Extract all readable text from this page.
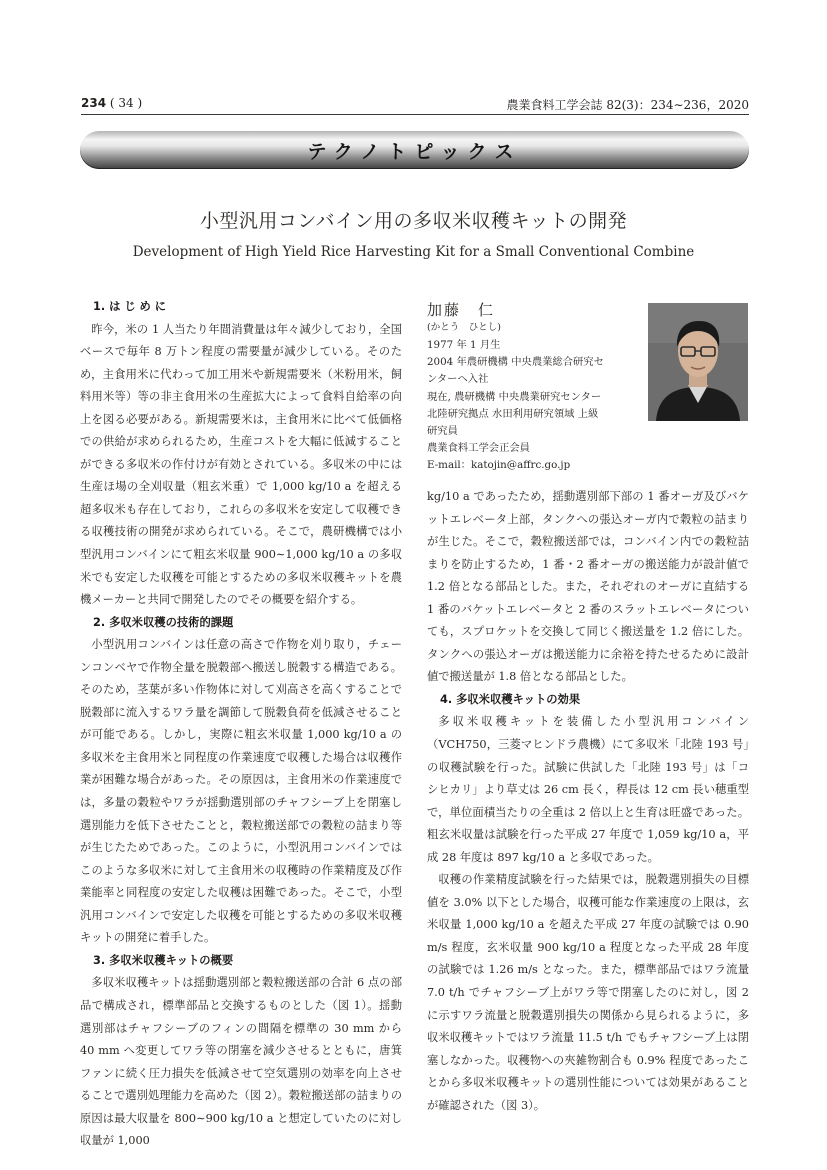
234 ( 34 )	農業食料工学会誌 82(3)：234∼236，2020
テクノトピックス
小型汎用コンバイン用の多収米収穫キットの開発
Development of High Yield Rice Harvesting Kit for a Small Conventional Combine
1. は じ め に

昨今，米の 1 人当たり年間消費量は年々減少しており，全国ベースで毎年 8 万トン程度の需要量が減少している。そのため，主食用米に代わって加工用米や新規需要米（米粉用米，飼料用米等）等の非主食用米の生産拡大によって食料自給率の向上を図る必要がある。新規需要米は，主食用米に比べて低価格での供給が求められるため，生産コストを大幅に低減することができる多収米の作付けが有効とされている。多収米の中には生産ほ場の全刈収量（粗玄米重）で 1,000 kg/10 a を超える超多収米も存在しており，これらの多収米を安定して収穫できる収穫技術の開発が求められている。そこで，農研機構では小型汎用コンバインにて粗玄米収量 900∼1,000 kg/10 a の多収米でも安定した収穫を可能とするための多収米収穫キットを農機メーカーと共同で開発したのでその概要を紹介する。

2. 多収米収穫の技術的課題

小型汎用コンバインは任意の高さで作物を刈り取り，チェーンコンベヤで作物全量を脱穀部へ搬送し脱穀する構造である。そのため，茎葉が多い作物体に対して刈高さを高くすることで脱穀部に流入するワラ量を調節して脱穀負荷を低減させることが可能である。しかし，実際に粗玄米収量 1,000 kg/10 a の多収米を主食用米と同程度の作業速度で収穫した場合は収穫作業が困難な場合があった。その原因は，主食用米の作業速度では，多量の穀粒やワラが揺動選別部のチャフシーブ上を閉塞し選別能力を低下させたことと，穀粒搬送部での穀粒の詰まり等が生じたためであった。このように，小型汎用コンバインではこのような多収米に対して主食用米の収穫時の作業精度及び作業能率と同程度の安定した収穫は困難であった。そこで，小型汎用コンバインで安定した収穫を可能とするための多収米収穫キットの開発に着手した。

3. 多収米収穫キットの概要

多収米収穫キットは揺動選別部と穀粒搬送部の合計 6 点の部品で構成され，標準部品と交換するものとした（図 1）。揺動選別部はチャフシーブのフィンの間隔を標準の 30 mm から 40 mm へ変更してワラ等の閉塞を減少させるとともに，唐箕ファンに続く圧力損失を低減させて空気選別の効率を向上させることで選別処理能力を高めた（図 2）。穀粒搬送部の詰まりの原因は最大収量を 800∼900 kg/10 a と想定していたのに対し収量が 1,000

加藤　仁
(かとう　ひとし)
1977 年 1 月生
2004 年農研機構 中央農業総合研究セ
ンターへ入社
現在, 農研機構 中央農業研究センター
北陸研究拠点 水田利用研究領域 上級
研究員
農業食料工学会正会員
E-mail：katojin@affrc.go.jp

kg/10 a であったため，揺動選別部下部の 1 番オーガ及びバケットエレベータ上部，タンクへの張込オーガ内で穀粒の詰まりが生じた。そこで，穀粒搬送部では，コンバイン内での穀粒詰まりを防止するため，1 番・2 番オーガの搬送能力が設計値で 1.2 倍となる部品とした。また，それぞれのオーガに直結する 1 番のバケットエレベータと 2 番のスラットエレベータについても，スプロケットを交換して同じく搬送量を 1.2 倍にした。タンクへの張込オーガは搬送能力に余裕を持たせるために設計値で搬送量が 1.8 倍となる部品とした。

4. 多収米収穫キットの効果

多収米収穫キットを装備した小型汎用コンバイン（VCH750，三菱マヒンドラ農機）にて多収米「北陸 193 号」の収穫試験を行った。試験に供試した「北陸 193 号」は「コシヒカリ」より草丈は 26 cm 長く，稈長は 12 cm 長い穂重型で，単位面積当たりの全重は 2 倍以上と生育は旺盛であった。粗玄米収量は試験を行った平成 27 年度で 1,059 kg/10 a，平成 28 年度は 897 kg/10 a と多収であった。

収穫の作業精度試験を行った結果では，脱穀選別損失の目標値を 3.0% 以下とした場合，収穫可能な作業速度の上限は，玄米収量 1,000 kg/10 a を超えた平成 27 年度の試験では 0.90 m/s 程度，玄米収量 900 kg/10 a 程度となった平成 28 年度の試験では 1.26 m/s となった。また，標準部品ではワラ流量 7.0 t/h でチャフシーブ上がワラ等で閉塞したのに対し，図 2 に示すワラ流量と脱穀選別損失の関係から見られるように，多収米収穫キットではワラ流量 11.5 t/h でもチャフシーブ上は閉塞しなかった。収穫物への夾雑物割合も 0.9% 程度であったことから多収米収穫キットの選別性能については効果があることが確認された（図 3）。
